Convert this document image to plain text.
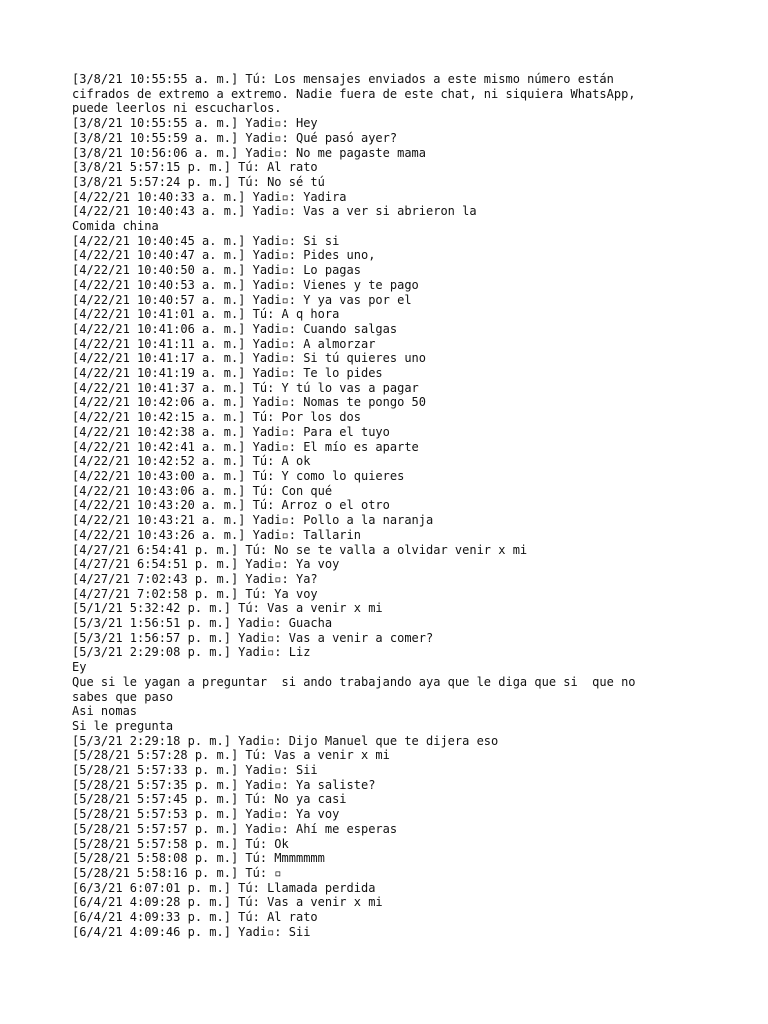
[3/8/21 10:55:55 a. m.] Tú: Los mensajes enviados a este mismo número están

cifrados de extremo a extremo. Nadie fuera de este chat, ni siquiera WhatsApp,

puede leerlos ni escucharlos.

[3/8/21 10:55:55 a. m.] Yadi▫: Hey

[3/8/21 10:55:59 a. m.] Yadi▫: Qué pasó ayer?

[3/8/21 10:56:06 a. m.] Yadi▫: No me pagaste mama

[3/8/21 5:57:15 p. m.] Tú: Al rato

[3/8/21 5:57:24 p. m.] Tú: No sé tú

[4/22/21 10:40:33 a. m.] Yadi▫: Yadira

[4/22/21 10:40:43 a. m.] Yadi▫: Vas a ver si abrieron la

Comida china

[4/22/21 10:40:45 a. m.] Yadi▫: Si si

[4/22/21 10:40:47 a. m.] Yadi▫: Pides uno,

[4/22/21 10:40:50 a. m.] Yadi▫: Lo pagas

[4/22/21 10:40:53 a. m.] Yadi▫: Vienes y te pago

[4/22/21 10:40:57 a. m.] Yadi▫: Y ya vas por el

[4/22/21 10:41:01 a. m.] Tú: A q hora

[4/22/21 10:41:06 a. m.] Yadi▫: Cuando salgas

[4/22/21 10:41:11 a. m.] Yadi▫: A almorzar

[4/22/21 10:41:17 a. m.] Yadi▫: Si tú quieres uno

[4/22/21 10:41:19 a. m.] Yadi▫: Te lo pides

[4/22/21 10:41:37 a. m.] Tú: Y tú lo vas a pagar

[4/22/21 10:42:06 a. m.] Yadi▫: Nomas te pongo 50

[4/22/21 10:42:15 a. m.] Tú: Por los dos

[4/22/21 10:42:38 a. m.] Yadi▫: Para el tuyo

[4/22/21 10:42:41 a. m.] Yadi▫: El mío es aparte

[4/22/21 10:42:52 a. m.] Tú: A ok

[4/22/21 10:43:00 a. m.] Tú: Y como lo quieres

[4/22/21 10:43:06 a. m.] Tú: Con qué

[4/22/21 10:43:20 a. m.] Tú: Arroz o el otro

[4/22/21 10:43:21 a. m.] Yadi▫: Pollo a la naranja

[4/22/21 10:43:26 a. m.] Yadi▫: Tallarin

[4/27/21 6:54:41 p. m.] Tú: No se te valla a olvidar venir x mi

[4/27/21 6:54:51 p. m.] Yadi▫: Ya voy

[4/27/21 7:02:43 p. m.] Yadi▫: Ya?

[4/27/21 7:02:58 p. m.] Tú: Ya voy

[5/1/21 5:32:42 p. m.] Tú: Vas a venir x mi

[5/3/21 1:56:51 p. m.] Yadi▫: Guacha

[5/3/21 1:56:57 p. m.] Yadi▫: Vas a venir a comer?

[5/3/21 2:29:08 p. m.] Yadi▫: Liz

Ey

Que si le yagan a preguntar  si ando trabajando aya que le diga que si  que no

sabes que paso

Asi nomas

Si le pregunta

[5/3/21 2:29:18 p. m.] Yadi▫: Dijo Manuel que te dijera eso

[5/28/21 5:57:28 p. m.] Tú: Vas a venir x mi

[5/28/21 5:57:33 p. m.] Yadi▫: Sii

[5/28/21 5:57:35 p. m.] Yadi▫: Ya saliste?

[5/28/21 5:57:45 p. m.] Tú: No ya casi

[5/28/21 5:57:53 p. m.] Yadi▫: Ya voy

[5/28/21 5:57:57 p. m.] Yadi▫: Ahí me esperas

[5/28/21 5:57:58 p. m.] Tú: Ok

[5/28/21 5:58:08 p. m.] Tú: Mmmmmmm

[5/28/21 5:58:16 p. m.] Tú: ▫

[6/3/21 6:07:01 p. m.] Tú: Llamada perdida

[6/4/21 4:09:28 p. m.] Tú: Vas a venir x mi

[6/4/21 4:09:33 p. m.] Tú: Al rato

[6/4/21 4:09:46 p. m.] Yadi▫: Sii
